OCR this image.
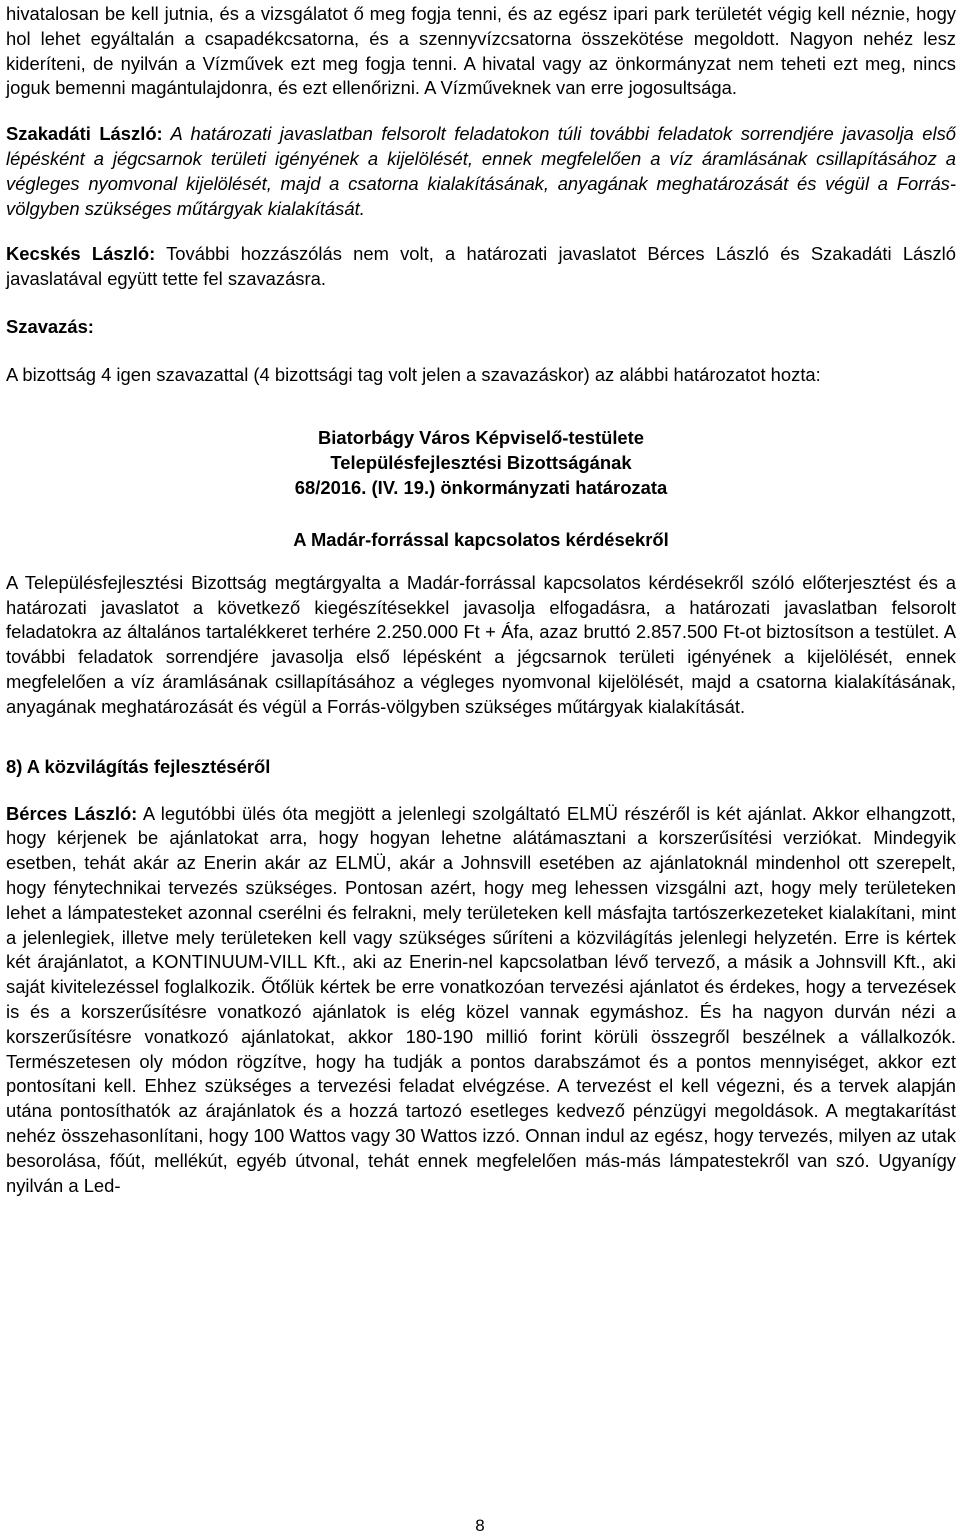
hivatalosan be kell jutnia, és a vizsgálatot ő meg fogja tenni, és az egész ipari park területét végig kell néznie, hogy hol lehet egyáltalán a csapadékcsatorna, és a szennyvízcsatorna összekötése megoldott. Nagyon nehéz lesz kideríteni, de nyilván a Vízművek ezt meg fogja tenni. A hivatal vagy az önkormányzat nem teheti ezt meg, nincs joguk bemenni magántulajdonra, és ezt ellenőrizni. A Vízműveknek van erre jogosultsága.

Szakadáti László: A határozati javaslatban felsorolt feladatokon túli további feladatok sorrendjére javasolja első lépésként a jégcsarnok területi igényének a kijelölését, ennek megfelelően a víz áramlásának csillapításához a végleges nyomvonal kijelölését, majd a csatorna kialakításának, anyagának meghatározását és végül a Forrás-völgyben szükséges műtárgyak kialakítását.

Kecskés László: További hozzászólás nem volt, a határozati javaslatot Bérces László és Szakadáti László javaslatával együtt tette fel szavazásra.

Szavazás:

A bizottság 4 igen szavazattal (4 bizottsági tag volt jelen a szavazáskor) az alábbi határozatot hozta:

Biatorbágy Város Képviselő-testülete

Településfejlesztési Bizottságának

68/2016. (IV. 19.) önkormányzati határozata

A Madár-forrással kapcsolatos kérdésekről

A Településfejlesztési Bizottság megtárgyalta a Madár-forrással kapcsolatos kérdésekről szóló előterjesztést és a határozati javaslatot a következő kiegészítésekkel javasolja elfogadásra, a határozati javaslatban felsorolt feladatokra az általános tartalékkeret terhére 2.250.000 Ft + Áfa, azaz bruttó 2.857.500 Ft-ot biztosítson a testület. A további feladatok sorrendjére javasolja első lépésként a jégcsarnok területi igényének a kijelölését, ennek megfelelően a víz áramlásának csillapításához a végleges nyomvonal kijelölését, majd a csatorna kialakításának, anyagának meghatározását és végül a Forrás-völgyben szükséges műtárgyak kialakítását.

8) A közvilágítás fejlesztéséről

Bérces László: A legutóbbi ülés óta megjött a jelenlegi szolgáltató ELMÜ részéről is két ajánlat. Akkor elhangzott, hogy kérjenek be ajánlatokat arra, hogy hogyan lehetne alátámasztani a korszerűsítési verziókat. Mindegyik esetben, tehát akár az Enerin akár az ELMÜ, akár a Johnsvill esetében az ajánlatoknál mindenhol ott szerepelt, hogy fénytechnikai tervezés szükséges. Pontosan azért, hogy meg lehessen vizsgálni azt, hogy mely területeken lehet a lámpatesteket azonnal cserélni és felrakni, mely területeken kell másfajta tartószerkezeteket kialakítani, mint a jelenlegiek, illetve mely területeken kell vagy szükséges sűríteni a közvilágítás jelenlegi helyzetén. Erre is kértek két árajánlatot, a KONTINUUM-VILL Kft., aki az Enerin-nel kapcsolatban lévő tervező, a másik a Johnsvill Kft., aki saját kivitelezéssel foglalkozik. Őtőlük kértek be erre vonatkozóan tervezési ajánlatot és érdekes, hogy a tervezések is és a korszerűsítésre vonatkozó ajánlatok is elég közel vannak egymáshoz. És ha nagyon durván nézi a korszerűsítésre vonatkozó ajánlatokat, akkor 180-190 millió forint körüli összegről beszélnek a vállalkozók. Természetesen oly módon rögzítve, hogy ha tudják a pontos darabszámot és a pontos mennyiséget, akkor ezt pontosítani kell. Ehhez szükséges a tervezési feladat elvégzése. A tervezést el kell végezni, és a tervek alapján utána pontosíthatók az árajánlatok és a hozzá tartozó esetleges kedvező pénzügyi megoldások. A megtakarítást nehéz összehasonlítani, hogy 100 Wattos vagy 30 Wattos izzó. Onnan indul az egész, hogy tervezés, milyen az utak besorolása, főút, mellékút, egyéb útvonal, tehát ennek megfelelően más-más lámpatestekről van szó. Ugyanígy nyilván a Led-

8
